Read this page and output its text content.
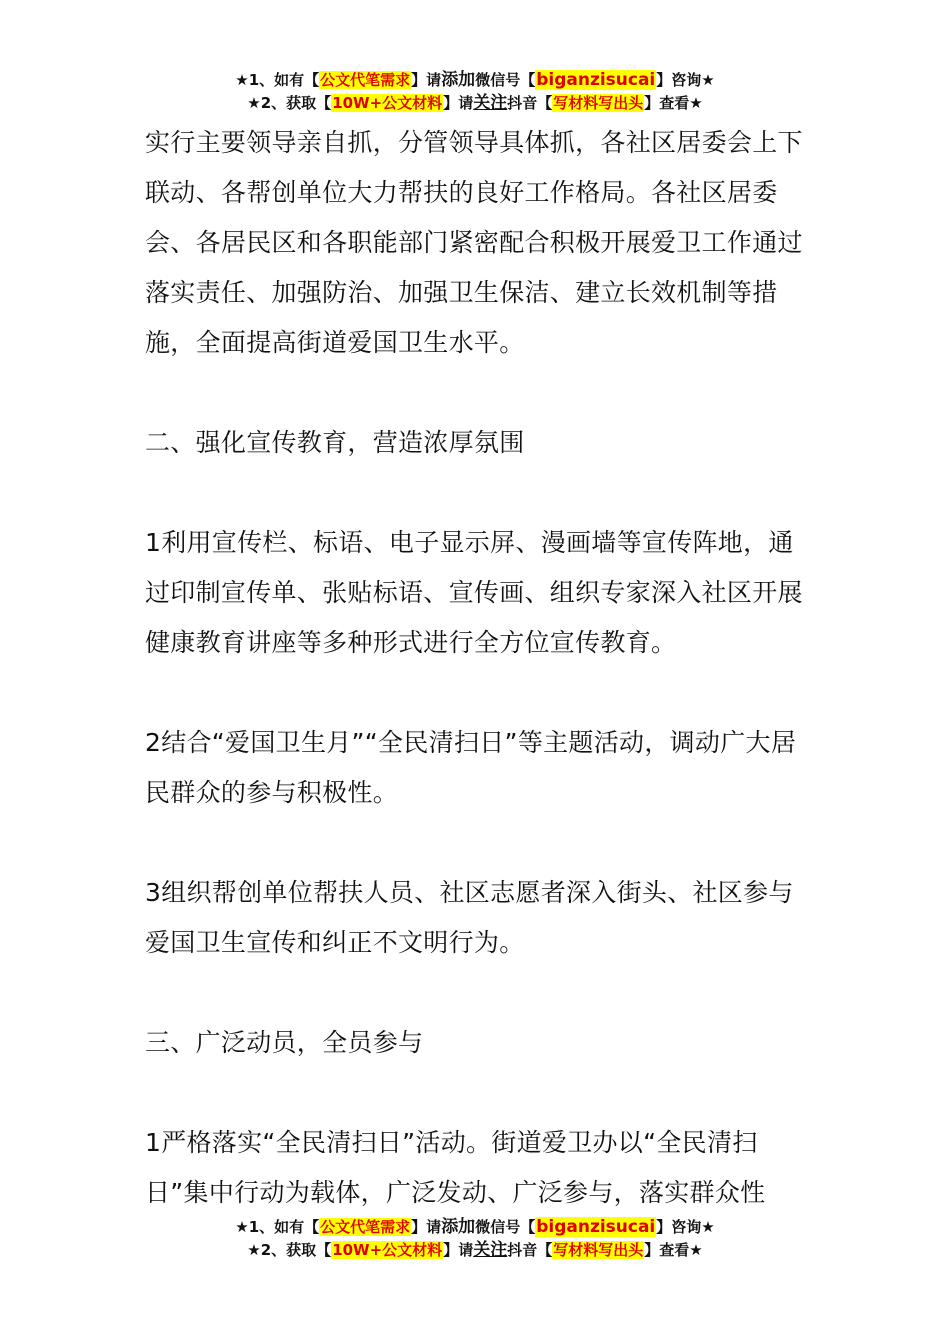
★1、如有【公文代笔需求】请添加微信号【biganzisucai】咨询★
★2、获取【10W+公文材料】请关注抖音【写材料写出头】查看★

实行主要领导亲自抓，分管领导具体抓，各社区居委会上下联动、各帮创单位大力帮扶的良好工作格局。各社区居委会、各居民区和各职能部门紧密配合积极开展爱卫工作通过落实责任、加强防治、加强卫生保洁、建立长效机制等措施，全面提高街道爱国卫生水平。

二、强化宣传教育，营造浓厚氛围

1利用宣传栏、标语、电子显示屏、漫画墙等宣传阵地，通过印制宣传单、张贴标语、宣传画、组织专家深入社区开展健康教育讲座等多种形式进行全方位宣传教育。

2结合“爱国卫生月”“全民清扫日”等主题活动，调动广大居民群众的参与积极性。

3组织帮创单位帮扶人员、社区志愿者深入街头、社区参与爱国卫生宣传和纠正不文明行为。

三、广泛动员，全员参与

1严格落实“全民清扫日”活动。街道爱卫办以“全民清扫日”集中行动为载体，广泛发动、广泛参与，落实群众性

★1、如有【公文代笔需求】请添加微信号【biganzisucai】咨询★
★2、获取【10W+公文材料】请关注抖音【写材料写出头】查看★
